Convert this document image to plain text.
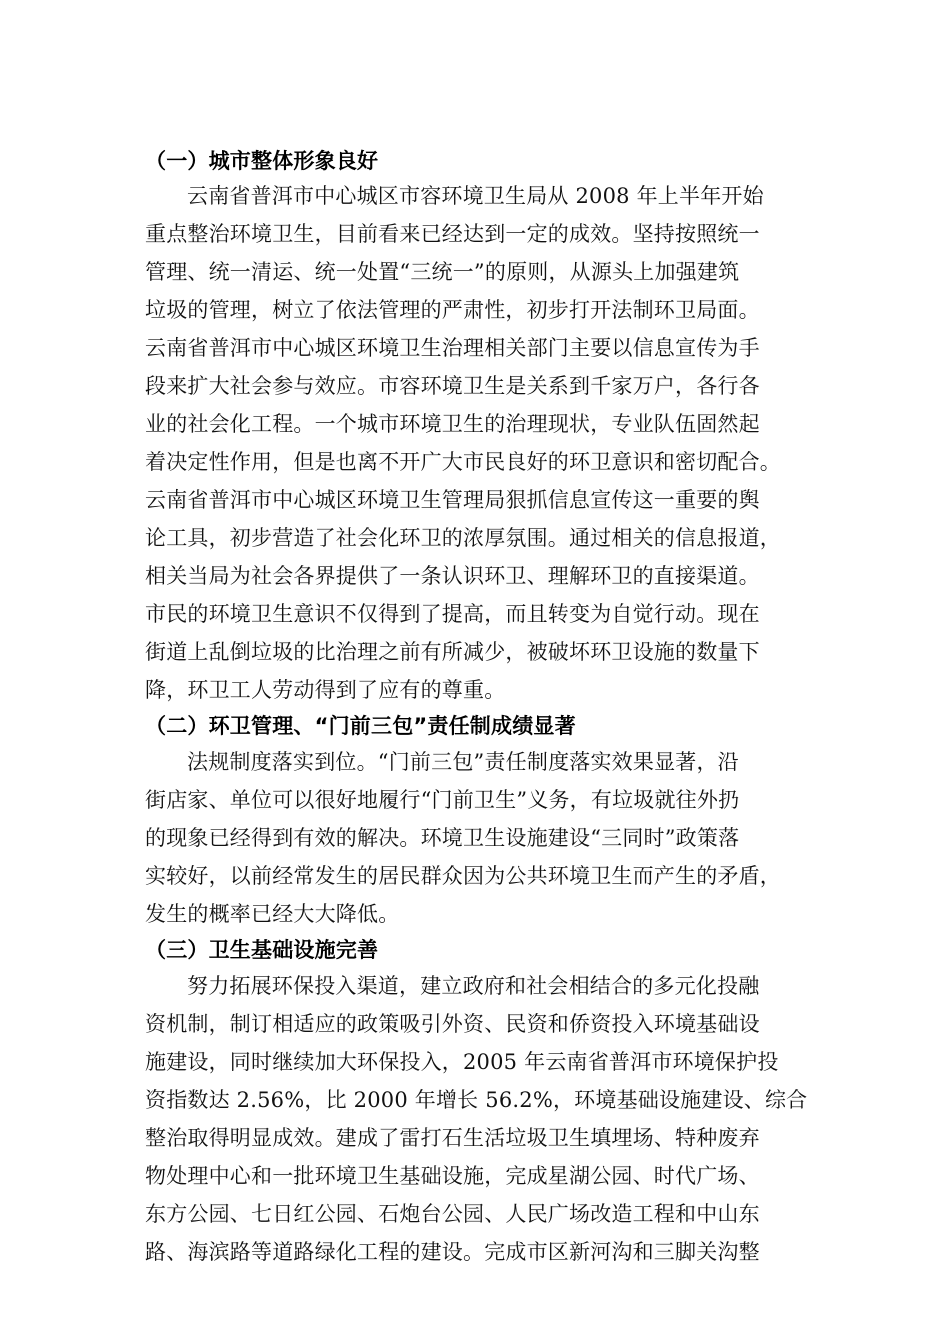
（一）城市整体形象良好
云南省普洱市中心城区市容环境卫生局从 2008 年上半年开始
重点整治环境卫生，目前看来已经达到一定的成效。坚持按照统一
管理、统一清运、统一处置“三统一”的原则，从源头上加强建筑
垃圾的管理，树立了依法管理的严肃性，初步打开法制环卫局面。
云南省普洱市中心城区环境卫生治理相关部门主要以信息宣传为手
段来扩大社会参与效应。市容环境卫生是关系到千家万户，各行各
业的社会化工程。一个城市环境卫生的治理现状，专业队伍固然起
着决定性作用，但是也离不开广大市民良好的环卫意识和密切配合。
云南省普洱市中心城区环境卫生管理局狠抓信息宣传这一重要的舆
论工具，初步营造了社会化环卫的浓厚氛围。通过相关的信息报道，
相关当局为社会各界提供了一条认识环卫、理解环卫的直接渠道。
市民的环境卫生意识不仅得到了提高，而且转变为自觉行动。现在
街道上乱倒垃圾的比治理之前有所减少，被破坏环卫设施的数量下
降，环卫工人劳动得到了应有的尊重。
（二）环卫管理、“门前三包”责任制成绩显著
法规制度落实到位。“门前三包”责任制度落实效果显著，沿
街店家、单位可以很好地履行“门前卫生”义务，有垃圾就往外扔
的现象已经得到有效的解决。环境卫生设施建设“三同时”政策落
实较好，以前经常发生的居民群众因为公共环境卫生而产生的矛盾，
发生的概率已经大大降低。
（三）卫生基础设施完善
努力拓展环保投入渠道，建立政府和社会相结合的多元化投融
资机制，制订相适应的政策吸引外资、民资和侨资投入环境基础设
施建设，同时继续加大环保投入，2005 年云南省普洱市环境保护投
资指数达 2.56%，比 2000 年增长 56.2%，环境基础设施建设、综合
整治取得明显成效。建成了雷打石生活垃圾卫生填埋场、特种废弃
物处理中心和一批环境卫生基础设施，完成星湖公园、时代广场、
东方公园、七日红公园、石炮台公园、人民广场改造工程和中山东
路、海滨路等道路绿化工程的建设。完成市区新河沟和三脚关沟整
